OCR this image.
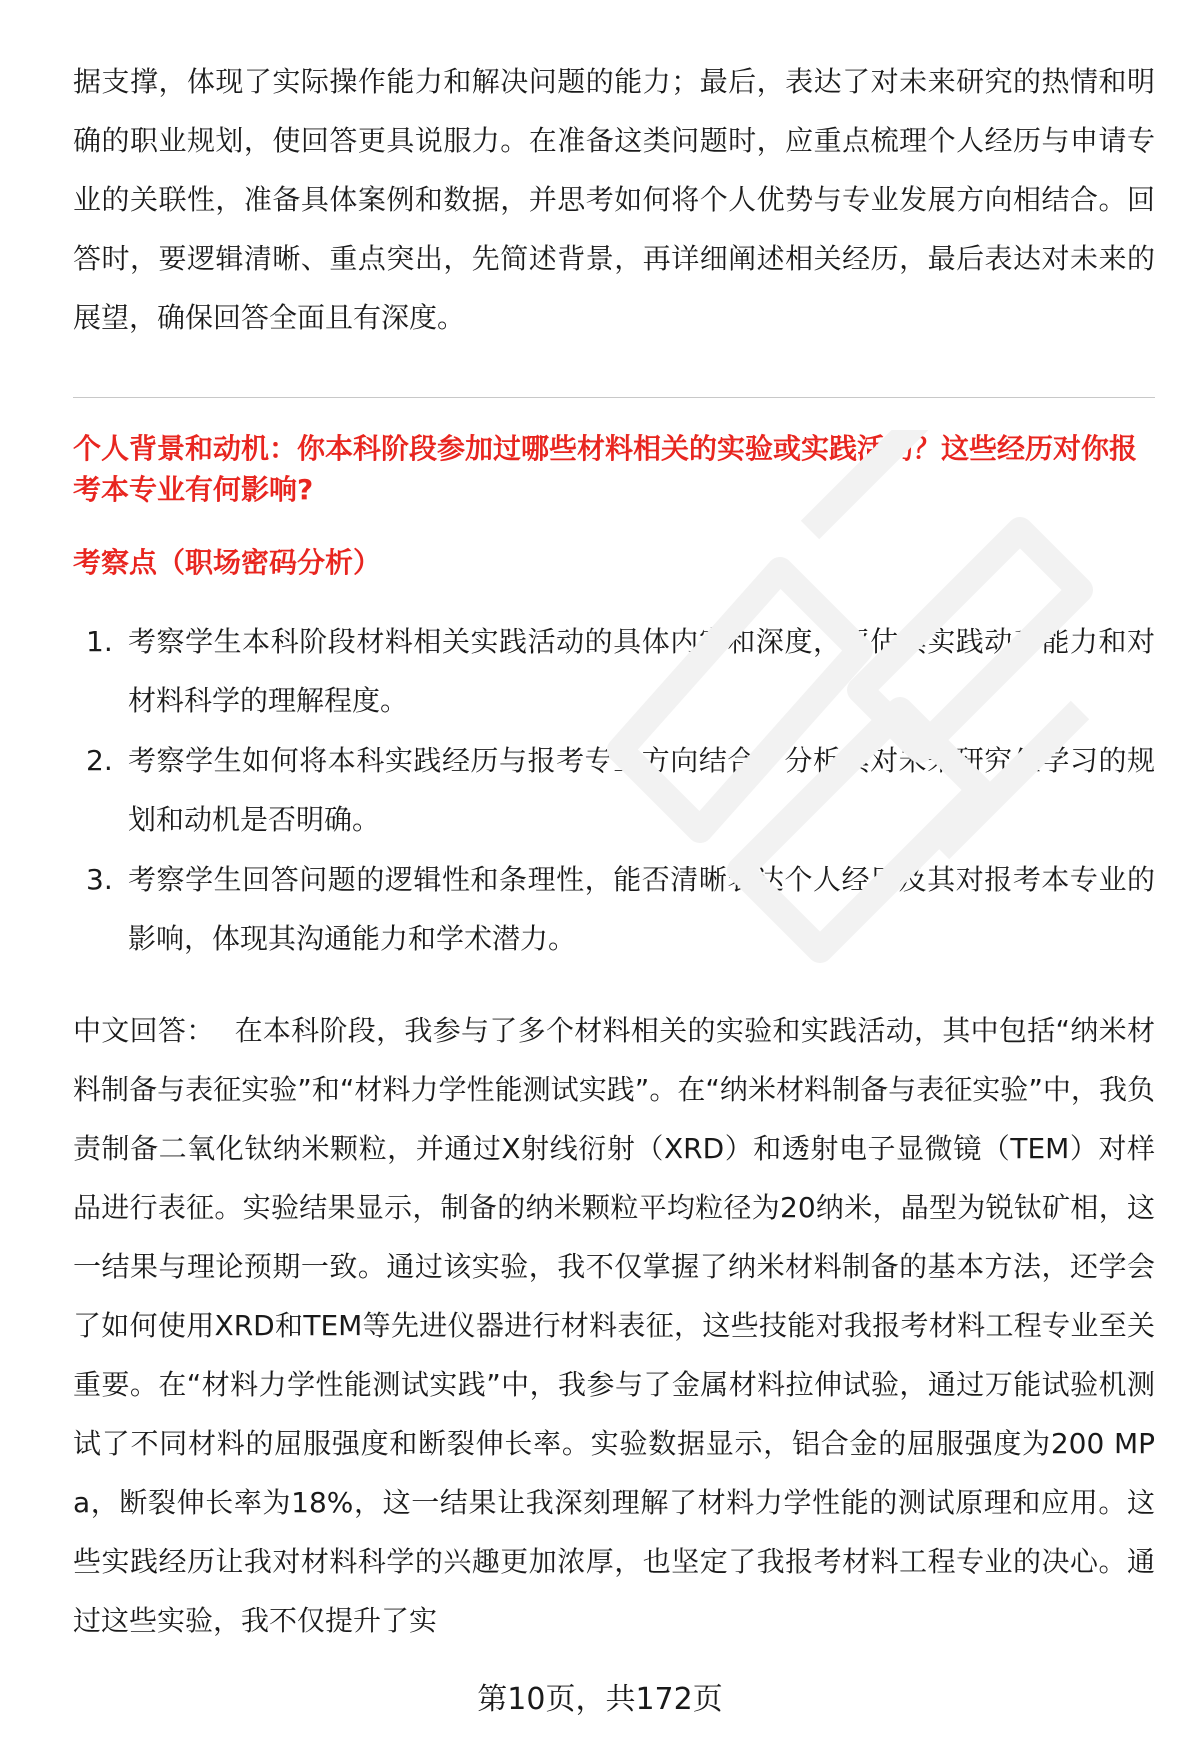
据支撑，体现了实际操作能力和解决问题的能力；最后，表达了对未来研究的热情和明确的职业规划，使回答更具说服力。在准备这类问题时，应重点梳理个人经历与申请专业的关联性，准备具体案例和数据，并思考如何将个人优势与专业发展方向相结合。回答时，要逻辑清晰、重点突出，先简述背景，再详细阐述相关经历，最后表达对未来的展望，确保回答全面且有深度。

个人背景和动机：你本科阶段参加过哪些材料相关的实验或实践活动？这些经历对你报考本专业有何影响?

考察点（职场密码分析）

1. 考察学生本科阶段材料相关实践活动的具体内容和深度，评估其实践动手能力和对材料科学的理解程度。
2. 考察学生如何将本科实践经历与报考专业方向结合，分析其对未来研究生学习的规划和动机是否明确。
3. 考察学生回答问题的逻辑性和条理性，能否清晰表达个人经历及其对报考本专业的影响，体现其沟通能力和学术潜力。

中文回答： 在本科阶段，我参与了多个材料相关的实验和实践活动，其中包括“纳米材料制备与表征实验”和“材料力学性能测试实践”。在“纳米材料制备与表征实验”中，我负责制备二氧化钛纳米颗粒，并通过X射线衍射（XRD）和透射电子显微镜（TEM）对样品进行表征。实验结果显示，制备的纳米颗粒平均粒径为20纳米，晶型为锐钛矿相，这一结果与理论预期一致。通过该实验，我不仅掌握了纳米材料制备的基本方法，还学会了如何使用XRD和TEM等先进仪器进行材料表征，这些技能对我报考材料工程专业至关重要。在“材料力学性能测试实践”中，我参与了金属材料拉伸试验，通过万能试验机测试了不同材料的屈服强度和断裂伸长率。实验数据显示，铝合金的屈服强度为200 MPa，断裂伸长率为18%，这一结果让我深刻理解了材料力学性能的测试原理和应用。这些实践经历让我对材料科学的兴趣更加浓厚，也坚定了我报考材料工程专业的决心。通过这些实验，我不仅提升了实

第10页，共172页
